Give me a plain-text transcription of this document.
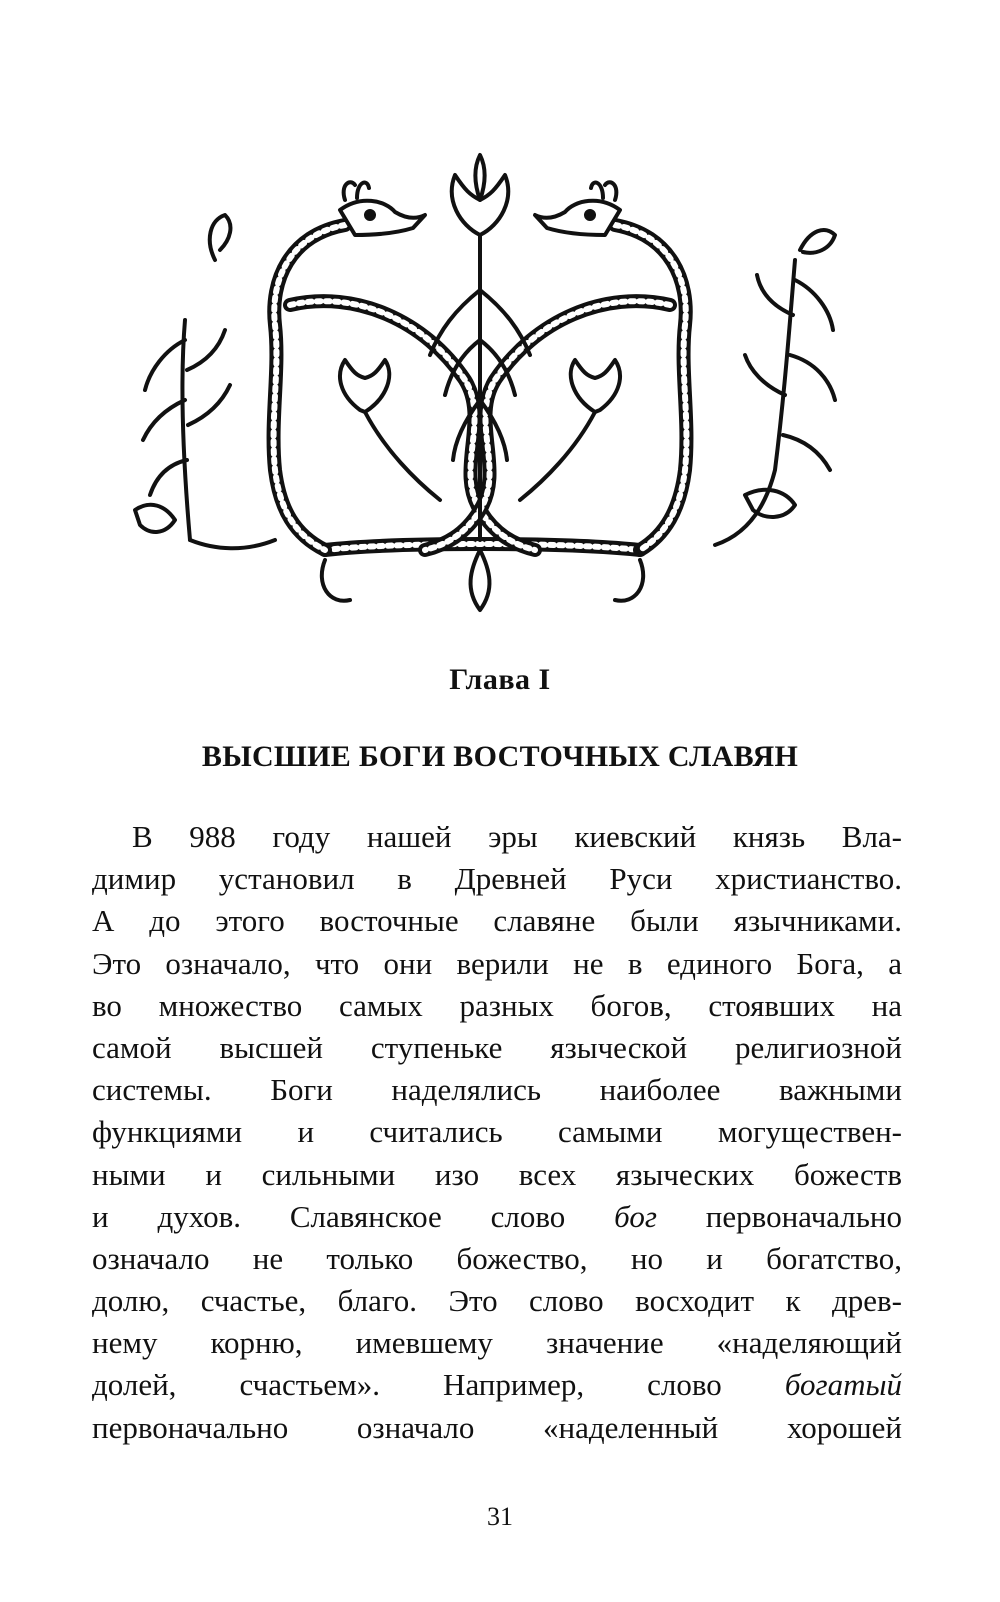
Глава I
ВЫСШИЕ БОГИ ВОСТОЧНЫХ СЛАВЯН
В 988 году нашей эры киевский князь Вла-
димир установил в Древней Руси христианство.
А до этого восточные славяне были язычниками.
Это означало, что они верили не в единого Бога, а
во множество самых разных богов, стоявших на
самой высшей ступеньке языческой религиозной
системы. Боги наделялись наиболее важными
функциями и считались самыми могуществен-
ными и сильными изо всех языческих божеств
и духов. Славянское слово бог первоначально
означало не только божество, но и богатство,
долю, счастье, благо. Это слово восходит к древ-
нему корню, имевшему значение «наделяющий
долей, счастьем». Например, слово богатый
первоначально означало «наделенный хорошей
31
